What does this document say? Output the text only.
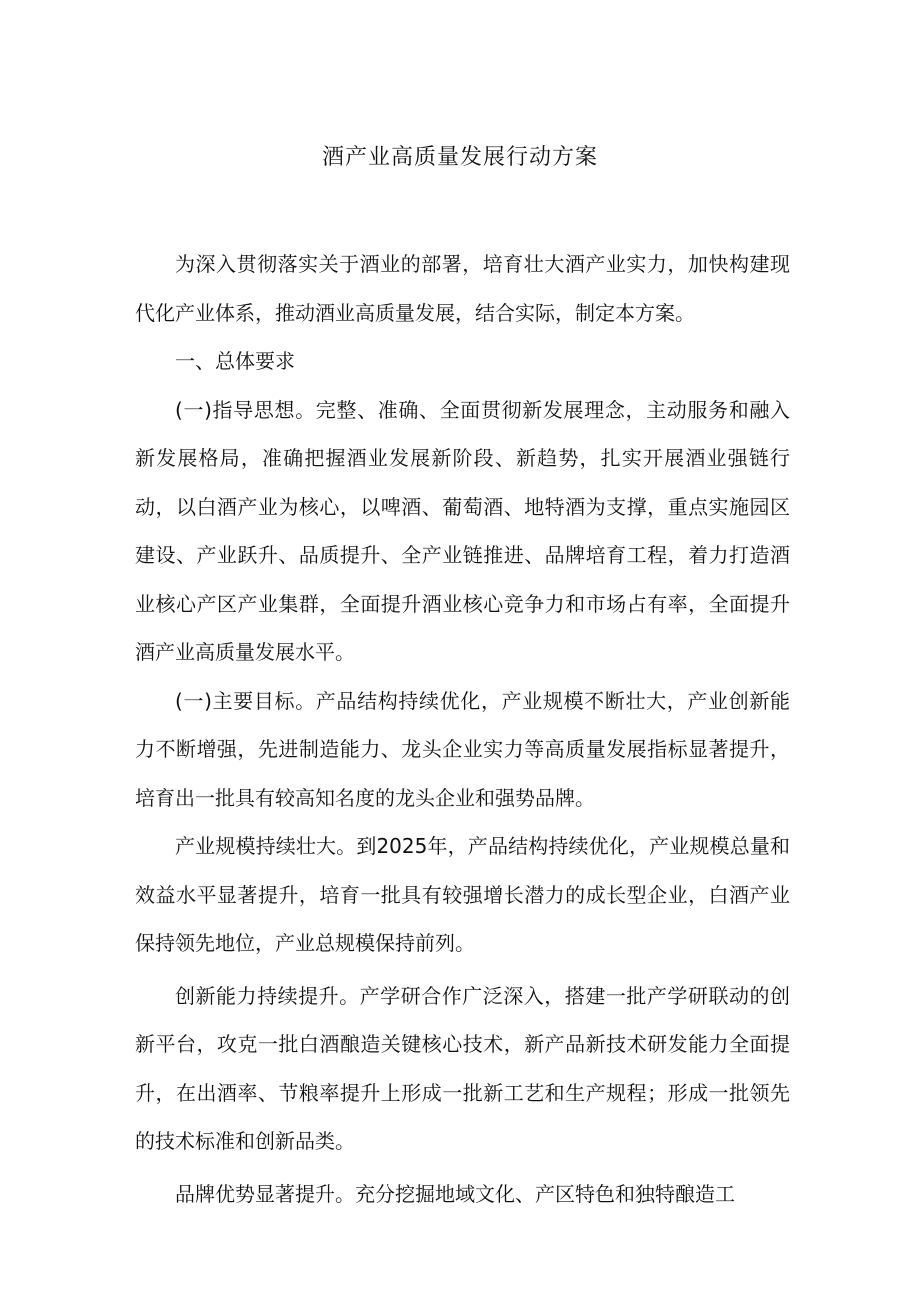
酒产业高质量发展行动方案

为深入贯彻落实关于酒业的部署，培育壮大酒产业实力，加快构建现代化产业体系，推动酒业高质量发展，结合实际，制定本方案。

一、总体要求

(一)指导思想。完整、准确、全面贯彻新发展理念，主动服务和融入新发展格局，准确把握酒业发展新阶段、新趋势，扎实开展酒业强链行动，以白酒产业为核心，以啤酒、葡萄酒、地特酒为支撑，重点实施园区建设、产业跃升、品质提升、全产业链推进、品牌培育工程，着力打造酒业核心产区产业集群，全面提升酒业核心竞争力和市场占有率，全面提升酒产业高质量发展水平。

(一)主要目标。产品结构持续优化，产业规模不断壮大，产业创新能力不断增强，先进制造能力、龙头企业实力等高质量发展指标显著提升，培育出一批具有较高知名度的龙头企业和强势品牌。

产业规模持续壮大。到2025年，产品结构持续优化，产业规模总量和效益水平显著提升，培育一批具有较强增长潜力的成长型企业，白酒产业保持领先地位，产业总规模保持前列。

创新能力持续提升。产学研合作广泛深入，搭建一批产学研联动的创新平台，攻克一批白酒酿造关键核心技术，新产品新技术研发能力全面提升，在出酒率、节粮率提升上形成一批新工艺和生产规程；形成一批领先的技术标准和创新品类。

品牌优势显著提升。充分挖掘地域文化、产区特色和独特酿造工
